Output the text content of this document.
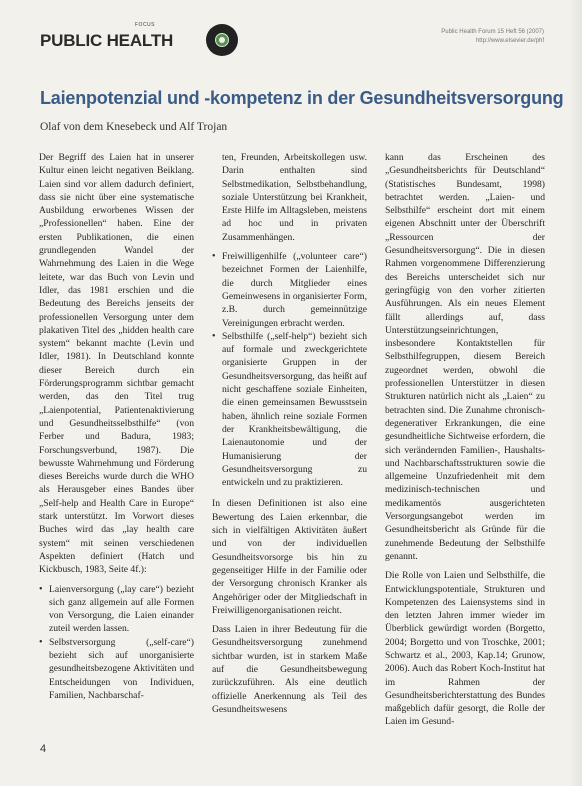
FOCUS
PUBLIC HEALTH	Public Health Forum 15 Heft 56 (2007)
http://www.elsevier.de/phf
Laienpotenzial und -kompetenz in der Gesundheitsversorgung
Olaf von dem Knesebeck und Alf Trojan

Der Begriff des Laien hat in unserer Kultur einen leicht negativen Beiklang. Laien sind vor allem dadurch definiert, dass sie nicht über eine systematische Ausbildung erworbenes Wissen der „Professionellen“ haben. Eine der ersten Publikationen, die einen grundlegenden Wandel der Wahrnehmung des Laien in die Wege leitete, war das Buch von Levin und Idler, das 1981 erschien und die Bedeutung des Bereichs jenseits der professionellen Versorgung unter dem plakativen Titel des „hidden health care system“ bekannt machte (Levin und Idler, 1981). In Deutschland konnte dieser Bereich durch ein Förderungsprogramm sichtbar gemacht werden, das den Titel trug „Laienpotential, Patientenaktivierung und Gesundheitsselbsthilfe“ (von Ferber und Badura, 1983; Forschungsverbund, 1987). Die bewusste Wahrnehmung und Förderung dieses Bereichs wurde durch die WHO als Herausgeber eines Bandes über „Self-help and Health Care in Europe“ stark unterstützt. Im Vorwort dieses Buches wird das „lay health care system“ mit seinen verschiedenen Aspekten definiert (Hatch und Kickbusch, 1983, Seite 4f.):

• Laienversorgung („lay care“) bezieht sich ganz allgemein auf alle Formen von Versorgung, die Laien einander zuteil werden lassen.
• Selbstversorgung („self-care“) bezieht sich auf unorganisierte gesundheitsbezogene Aktivitäten und Entscheidungen von Individuen, Familien, Nachbarschaf-

ten, Freunden, Arbeitskollegen usw. Darin enthalten sind Selbstmedikation, Selbstbehandlung, soziale Unterstützung bei Krankheit, Erste Hilfe im Alltagsleben, meistens ad hoc und in privaten Zusammenhängen.

• Freiwilligenhilfe („volunteer care“) bezeichnet Formen der Laienhilfe, die durch Mitglieder eines Gemeinwesens in organisierter Form, z.B. durch gemeinnützige Vereinigungen erbracht werden.
• Selbsthilfe („self-help“) bezieht sich auf formale und zweckgerichtete organisierte Gruppen in der Gesundheitsversorgung, das heißt auf nicht geschaffene soziale Einheiten, die einen gemeinsamen Bewusstsein haben, ähnlich reine soziale Formen der Krankheitsbewältigung, die Laienautonomie und der Humanisierung der Gesundheitsversorgung zu entwickeln und zu praktizieren.

In diesen Definitionen ist also eine Bewertung des Laien erkennbar, die sich in vielfältigen Aktivitäten äußert und von der individuellen Gesundheitsvorsorge bis hin zu gegenseitiger Hilfe in der Familie oder der Versorgung chronisch Kranker als Angehöriger oder der Mitgliedschaft in Freiwilligenorganisationen reicht.

Dass Laien in ihrer Bedeutung für die Gesundheitsversorgung zunehmend sichtbar wurden, ist in starkem Maße auf die Gesundheitsbewegung zurückzuführen. Als eine deutlich offizielle Anerkennung als Teil des Gesundheitswesens

kann das Erscheinen des „Gesundheitsberichts für Deutschland“ (Statistisches Bundesamt, 1998) betrachtet werden. „Laien- und Selbsthilfe“ erscheint dort mit einem eigenen Abschnitt unter der Überschrift „Ressourcen der Gesundheitsversorgung“. Die in diesen Rahmen vorgenommene Differenzierung des Bereichs unterscheidet sich nur geringfügig von den vorher zitierten Ausführungen. Als ein neues Element fällt allerdings auf, dass Unterstützungseinrichtungen, insbesondere Kontaktstellen für Selbsthilfegruppen, diesem Bereich zugeordnet werden, obwohl die professionellen Unterstützer in diesen Strukturen natürlich nicht als „Laien“ zu betrachten sind. Die Zunahme chronisch-degenerativer Erkrankungen, die eine gesundheitliche Sichtweise erfordern, die sich verändernden Familien-, Haushalts- und Nachbarschaftsstrukturen sowie die allgemeine Unzufriedenheit mit dem medizinisch-technischen und medikamentös ausgerichteten Versorgungsangebot werden im Gesundheitsbericht als Gründe für die zunehmende Bedeutung der Selbsthilfe genannt.

Die Rolle von Laien und Selbsthilfe, die Entwicklungspotentiale, Strukturen und Kompetenzen des Laiensystems sind in den letzten Jahren immer wieder im Überblick gewürdigt worden (Borgetto, 2004; Borgetto und von Troschke, 2001; Schwartz et al., 2003, Kap.14; Grunow, 2006). Auch das Robert Koch-Institut hat im Rahmen der Gesundheitsberichterstattung des Bundes maßgeblich dafür gesorgt, die Rolle der Laien im Gesund-

4
